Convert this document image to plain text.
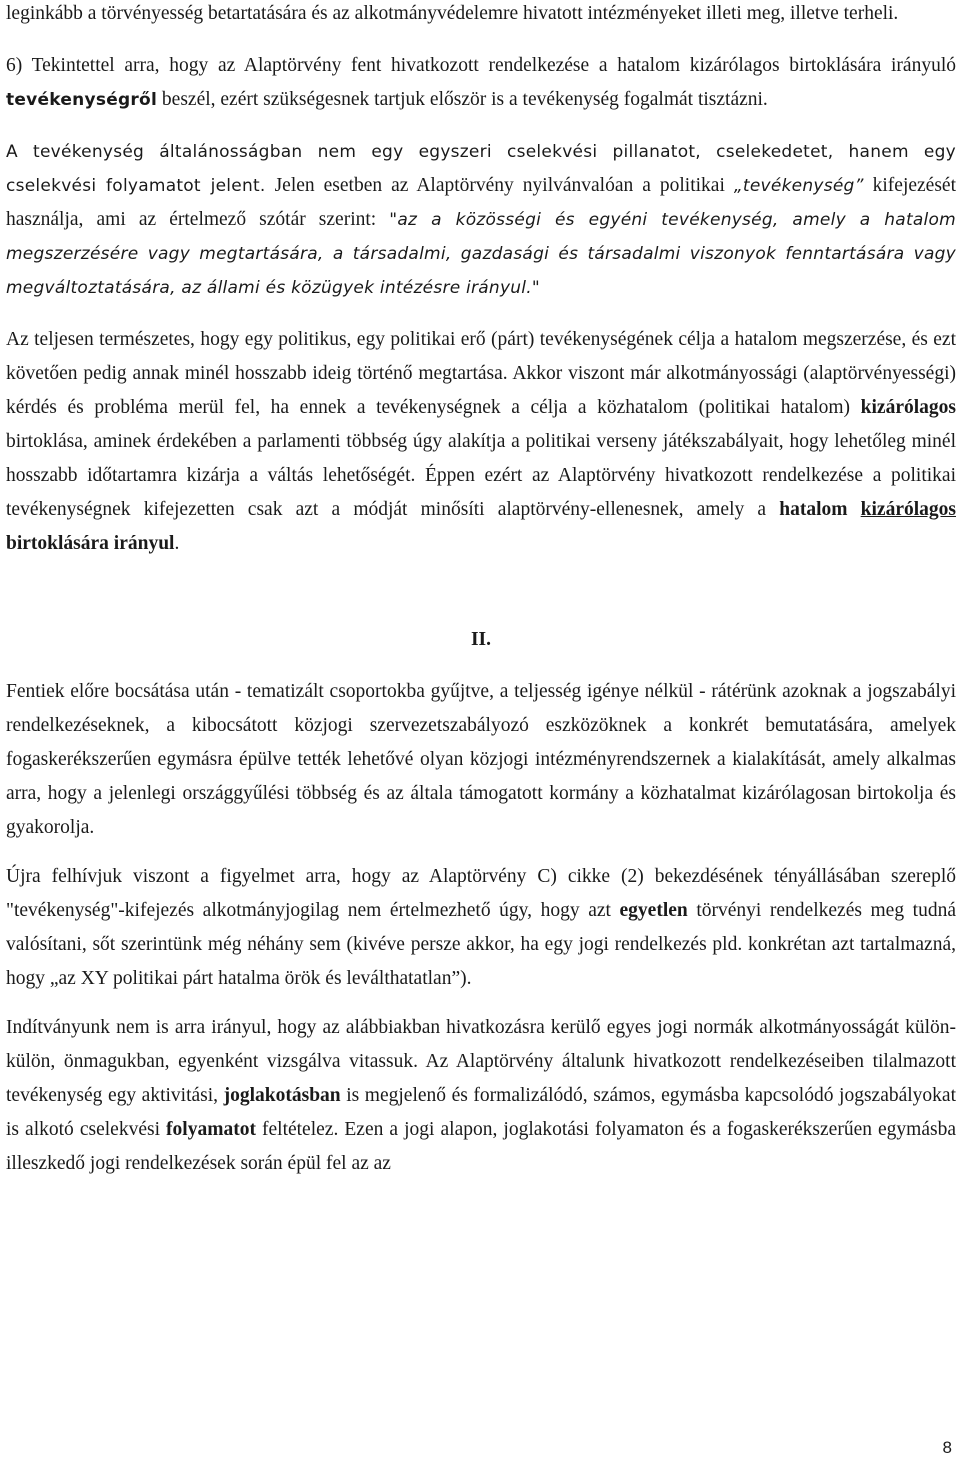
leginkább a törvényesség betartatására és az alkotmányvédelemre hivatott intézményeket illeti meg, illetve terheli.

6) Tekintettel arra, hogy az Alaptörvény fent hivatkozott rendelkezése a hatalom kizárólagos birtoklására irányuló tevékenységről beszél, ezért szükségesnek tartjuk először is a tevékenység fogalmát tisztázni.

A tevékenység általánosságban nem egy egyszeri cselekvési pillanatot, cselekedetet, hanem egy cselekvési folyamatot jelent. Jelen esetben az Alaptörvény nyilvánvalóan a politikai „tevékenység” kifejezését használja, ami az értelmező szótár szerint: "az a közösségi és egyéni tevékenység, amely a hatalom megszerzésére vagy megtartására, a társadalmi, gazdasági és társadalmi viszonyok fenntartására vagy megváltoztatására, az állami és közügyek intézésre irányul."

Az teljesen természetes, hogy egy politikus, egy politikai erő (párt) tevékenységének célja a hatalom megszerzése, és ezt követően pedig annak minél hosszabb ideig történő megtartása. Akkor viszont már alkotmányossági (alaptörvényességi) kérdés és probléma merül fel, ha ennek a tevékenységnek a célja a közhatalom (politikai hatalom) kizárólagos birtoklása, aminek érdekében a parlamenti többség úgy alakítja a politikai verseny játékszabályait, hogy lehetőleg minél hosszabb időtartamra kizárja a váltás lehetőségét. Éppen ezért az Alaptörvény hivatkozott rendelkezése a politikai tevékenységnek kifejezetten csak azt a módját minősíti alaptörvény-ellenesnek, amely a hatalom kizárólagos birtoklására irányul.

II.

Fentiek előre bocsátása után - tematizált csoportokba gyűjtve, a teljesség igénye nélkül - rátérünk azoknak a jogszabályi rendelkezéseknek, a kibocsátott közjogi szervezetszabályozó eszközöknek a konkrét bemutatására, amelyek fogaskerékszerűen egymásra épülve tették lehetővé olyan közjogi intézményrendszernek a kialakítását, amely alkalmas arra, hogy a jelenlegi országgyűlési többség és az általa támogatott kormány a közhatalmat kizárólagosan birtokolja és gyakorolja.

Újra felhívjuk viszont a figyelmet arra, hogy az Alaptörvény C) cikke (2) bekezdésének tényállásában szereplő "tevékenység"-kifejezés alkotmányjogilag nem értelmezhető úgy, hogy azt egyetlen törvényi rendelkezés meg tudná valósítani, sőt szerintünk még néhány sem (kivéve persze akkor, ha egy jogi rendelkezés pld. konkrétan azt tartalmazná, hogy „az XY politikai párt hatalma örök és leválthatatlan”).

Indítványunk nem is arra irányul, hogy az alábbiakban hivatkozásra kerülő egyes jogi normák alkotmányosságát külön-külön, önmagukban, egyenként vizsgálva vitassuk. Az Alaptörvény általunk hivatkozott rendelkezéseiben tilalmazott tevékenység egy aktivitási, joglakotásban is megjelenő és formalizálódó, számos, egymásba kapcsolódó jogszabályokat is alkotó cselekvési folyamatot feltételez. Ezen a jogi alapon, joglakotási folyamaton és a fogaskerékszerűen egymásba illeszkedő jogi rendelkezések során épül fel az az

8
